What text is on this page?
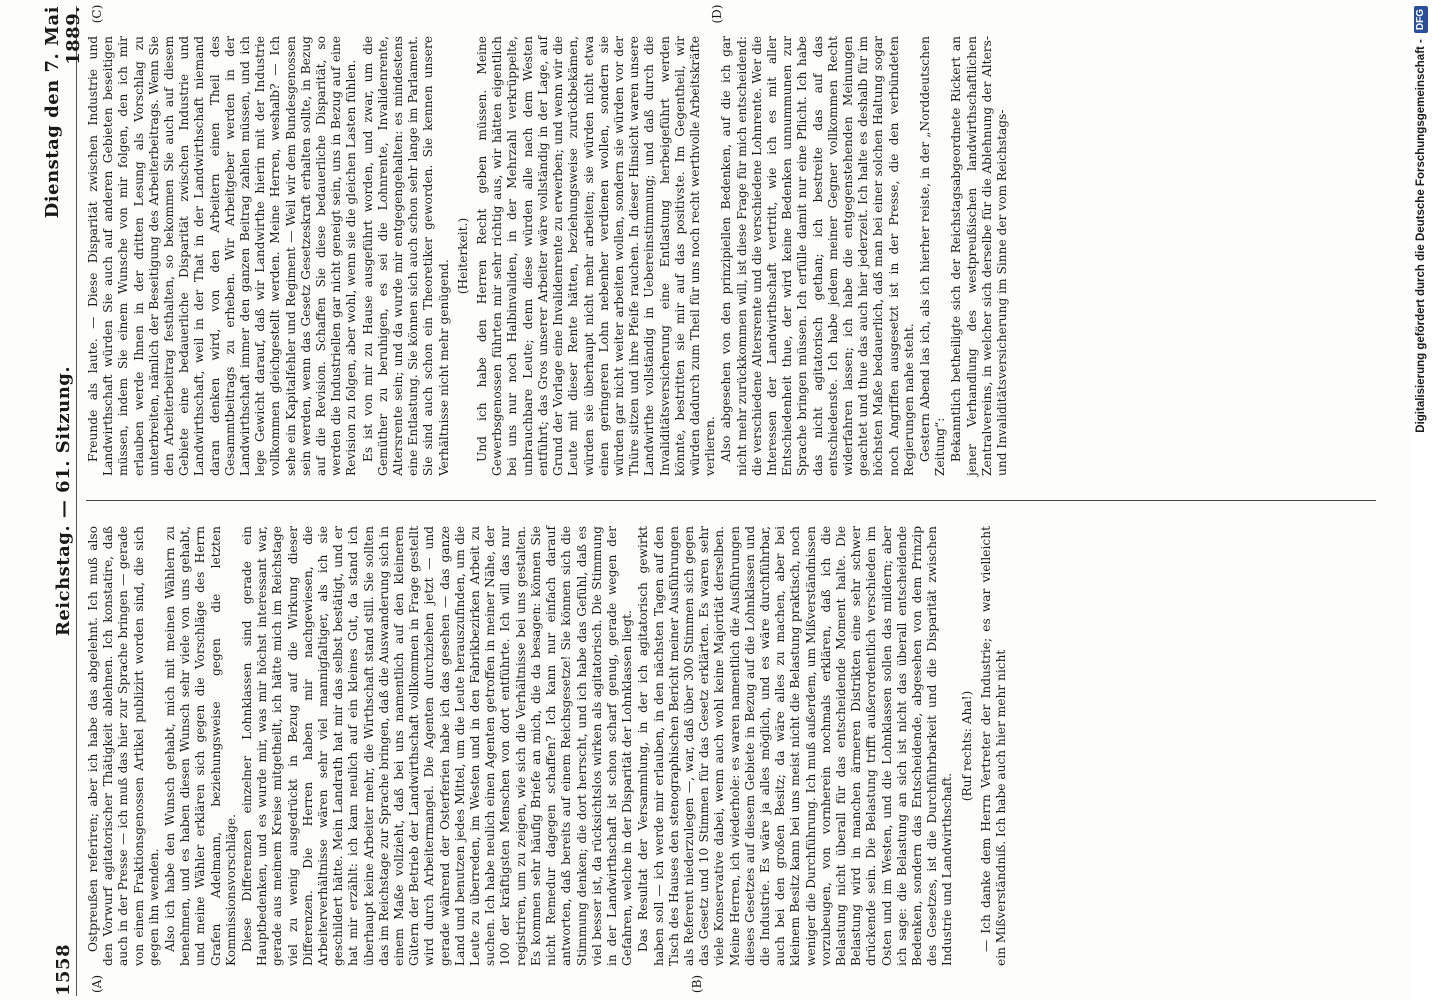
1558
Reichstag. — 61. Sitzung.
Dienstag den 7. Mai 1889.
(A)	(B)
(C)	(D)

Ostpreußen referiren; aber ich habe das abgelehnt. Ich muß also den Vorwurf agitatorischer Thätigkeit ablehnen. Ich konstatire, daß auch in der Presse — ich muß das hier zur Sprache bringen — gerade von einem Fraktionsgenossen Artikel publizirt worden sind, die sich gegen ihn wenden. Also ich habe den Wunsch gehabt, mich mit meinen Wählern zu benehmen, und es haben diesen Wunsch sehr viele von uns gehabt, und meine Wähler erklären sich gegen die Vorschläge des Herrn Grafen Adelmann, beziehungsweise gegen die letzten Kommissionsvorschläge. Diese Differenzen einzelner Lohnklassen sind gerade ein Hauptbedenken, und es wurde mir, was mir höchst interessant war, gerade aus meinem Kreise mitgetheilt, ich hätte mich im Reichstage viel zu wenig ausgedrückt in Bezug auf die Wirkung dieser Differenzen. Die Herren haben mir nachgewiesen, die Arbeiterverhältnisse wären sehr viel mannigfaltiger, als ich sie geschildert hätte. Mein Landrath hat mir das selbst bestätigt, und er hat mir erzählt: ich kam neulich auf ein kleines Gut, da stand ich überhaupt keine Arbeiter mehr, die Wirthschaft stand still. Sie sollten das im Reichstage zur Sprache bringen, daß die Auswanderung sich in einem Maße vollzieht, daß bei uns namentlich auf den kleineren Gütern der Betrieb der Landwirthschaft vollkommen in Frage gestellt wird durch Arbeitermangel. Die Agenten durchziehen jetzt — und gerade während der Osterferien habe ich das gesehen — das ganze Land und benutzen jedes Mittel, um die Leute herauszufinden, um die Leute zu überreden, im Westen und in den Fabrikbezirken Arbeit zu suchen. Ich habe neulich einen Agenten getroffen in meiner Nähe, der 100 der kräftigsten Menschen von dort entführte. Ich will das nur registriren, um zu zeigen, wie sich die Verhältnisse bei uns gestalten. Es kommen sehr häufig Briefe an mich, die da besagen: können Sie nicht Remedur dagegen schaffen? Ich kann nur einfach darauf antworten, daß bereits auf einem Reichsgesetze! Sie können sich die Stimmung denken; die dort herrscht, und ich habe das Gefühl, daß es viel besser ist, da rücksichtslos wirken als agitatorisch. Die Stimmung in der Landwirthschaft ist schon scharf genug, gerade wegen der Gefahren, welche in der Disparität der Lohnklassen liegt. Das Resultat der Versammlung, in der ich agitatorisch gewirkt haben soll — ich werde mir erlauben, in den nächsten Tagen auf den Tisch des Hauses den stenographischen Bericht meiner Ausführungen als Referent niederzulegen —, war, daß über 300 Stimmen sich gegen das Gesetz und 10 Stimmen für das Gesetz erklärten. Es waren sehr viele Konservative dabei, wenn auch wohl keine Majorität derselben. Meine Herren, ich wiederhole: es waren namentlich die Ausführungen dieses Gesetzes auf diesem Gebiete in Bezug auf die Lohnklassen und die Industrie. Es wäre ja alles möglich, und es wäre durchführbar, auch bei den großen Besitz; da wäre alles zu machen, aber bei kleinem Besitz kann bei uns meist nicht die Belastung praktisch, noch weniger die Durchführung. Ich muß außerdem, um Mißverständnissen vorzubeugen, von vornherein nochmals erklären, daß ich die Belastung nicht überall für das entscheidende Moment halte. Die Belastung wird in manchen ärmeren Distrikten eine sehr schwer drückende sein. Die Belastung trifft außerordentlich verschieden im Osten und im Westen, und die Lohnklassen sollen das mildern; aber ich sage: die Belastung an sich ist nicht das überall entscheidende Bedenken, sondern das Entscheidende, abgesehen von dem Prinzip des Gesetzes, ist die Durchführbarkeit und die Disparität zwischen Industrie und Landwirthschaft.

(Ruf rechts: Aha!) — Ich danke dem Herrn Vertreter der Industrie; es war vielleicht ein Mißverständniß. Ich habe auch hier mehr nicht

Freunde als laute. — Diese Disparität zwischen Industrie und Landwirthschaft würden Sie auch auf anderen Gebieten beseitigen müssen, indem Sie einem Wunsche von mir folgen, den ich mir erlauben werde Ihnen in der dritten Lesung als Vorschlag zu unterbreiten, nämlich der Beseitigung des Arbeiterbeitrags. Wenn Sie den Arbeiterbeitrag festhalten, so bekommen Sie auch auf diesem Gebiete eine bedauerliche Disparität zwischen Industrie und Landwirthschaft, weil in der That in der Landwirthschaft niemand daran denken wird, von den Arbeitern einen Theil des Gesammtbeitrags zu erheben. Wir Arbeitgeber werden in der Landwirthschaft immer den ganzen Beitrag zahlen müssen, und ich lege Gewicht darauf, daß wir Landwirthe hierin mit der Industrie vollkommen gleichgestellt werden. Meine Herren, weshalb? — Ich sehe ein Kapitalfehler und Regiment — Weil wir dem Bundesgenossen sein werden, wenn das Gesetz Gesetzeskraft erhalten sollte, in Bezug auf die Revision. Schaffen Sie diese bedauerliche Disparität, so werden die Industriellen gar nicht geneigt sein, uns in Bezug auf eine Revision zu folgen, aber wohl, wenn sie die gleichen Lasten fühlen. Es ist von mir zu Hause ausgeführt worden, und zwar, um die Gemüther zu beruhigen, es sei die Lohnrente, Invalidenrente, Altersrente sein; und da wurde mir entgegengehalten: es mindestens eine Entlastung. Sie können sich auch schon sehr lange im Parlament. Sie sind auch schon ein Theoretiker geworden. Sie kennen unsere Verhältnisse nicht mehr genügend.

(Heiterkeit.) Und ich habe den Herren Recht geben müssen. Meine Gewerbsgenossen führten mir sehr richtig aus, wir hätten eigentlich bei uns nur noch Halbinvaliden, in der Mehrzahl verkrüppelte, unbrauchbare Leute; denn diese würden alle nach dem Westen entführt; das Gros unserer Arbeiter wäre vollständig in der Lage, auf Grund der Vorlage eine Invalidenrente zu erwerben; und wenn wir die Leute mit dieser Rente hätten, beziehungsweise zurückbekämen, würden sie überhaupt nicht mehr arbeiten; sie würden nicht etwa einen geringeren Lohn nebenher verdienen wollen, sondern sie würden gar nicht weiter arbeiten wollen, sondern sie würden vor der Thüre sitzen und ihre Pfeife rauchen. In dieser Hinsicht waren unsere Landwirthe vollständig in Uebereinstimmung; und daß durch die Invaliditätsversicherung eine Entlastung herbeigeführt werden könnte, bestritten sie mir auf das positivste. Im Gegentheil, wir würden dadurch zum Theil für uns noch recht werthvolle Arbeitskräfte verlieren. Also abgesehen von den prinzipiellen Bedenken, auf die ich gar nicht mehr zurückkommen will, ist diese Frage für mich entscheidend: die verschiedene Altersrente und die verschiedene Lohnrente. Wer die Interessen der Landwirthschaft vertritt, wie ich es mit aller Entschiedenheit thue, der wird keine Bedenken unnummunen zur Sprache bringen müssen. Ich erfülle damit nur eine Pflicht. Ich habe das nicht agitatorisch gethan; ich bestreite das auf das entschiedenste. Ich habe jedem meiner Gegner vollkommen Recht widerfahren lassen; ich habe die entgegenstehenden Meinungen geachtet und thue das auch hier jederzeit. Ich halte es deshalb für im höchsten Maße bedauerlich, daß man bei einer solchen Haltung sogar noch Angriffen ausgesetzt ist in der Presse, die den verbündeten Regierungen nahe steht. Gestern Abend las ich, als ich hierher reiste, in der „Norddeutschen Zeitung“: Bekanntlich betheiligte sich der Reichstagsabgeordnete Rickert an jener Verhandlung des westpreußischen landwirthschaftlichen Zentralvereins, in welcher sich derselbe für die Ablehnung der Alters- und Invaliditätsversicherung im Sinne der vom Reichstags-	Digitalisierung gefördert durch die Deutsche Forschungsgemeinschaft -
DFG
